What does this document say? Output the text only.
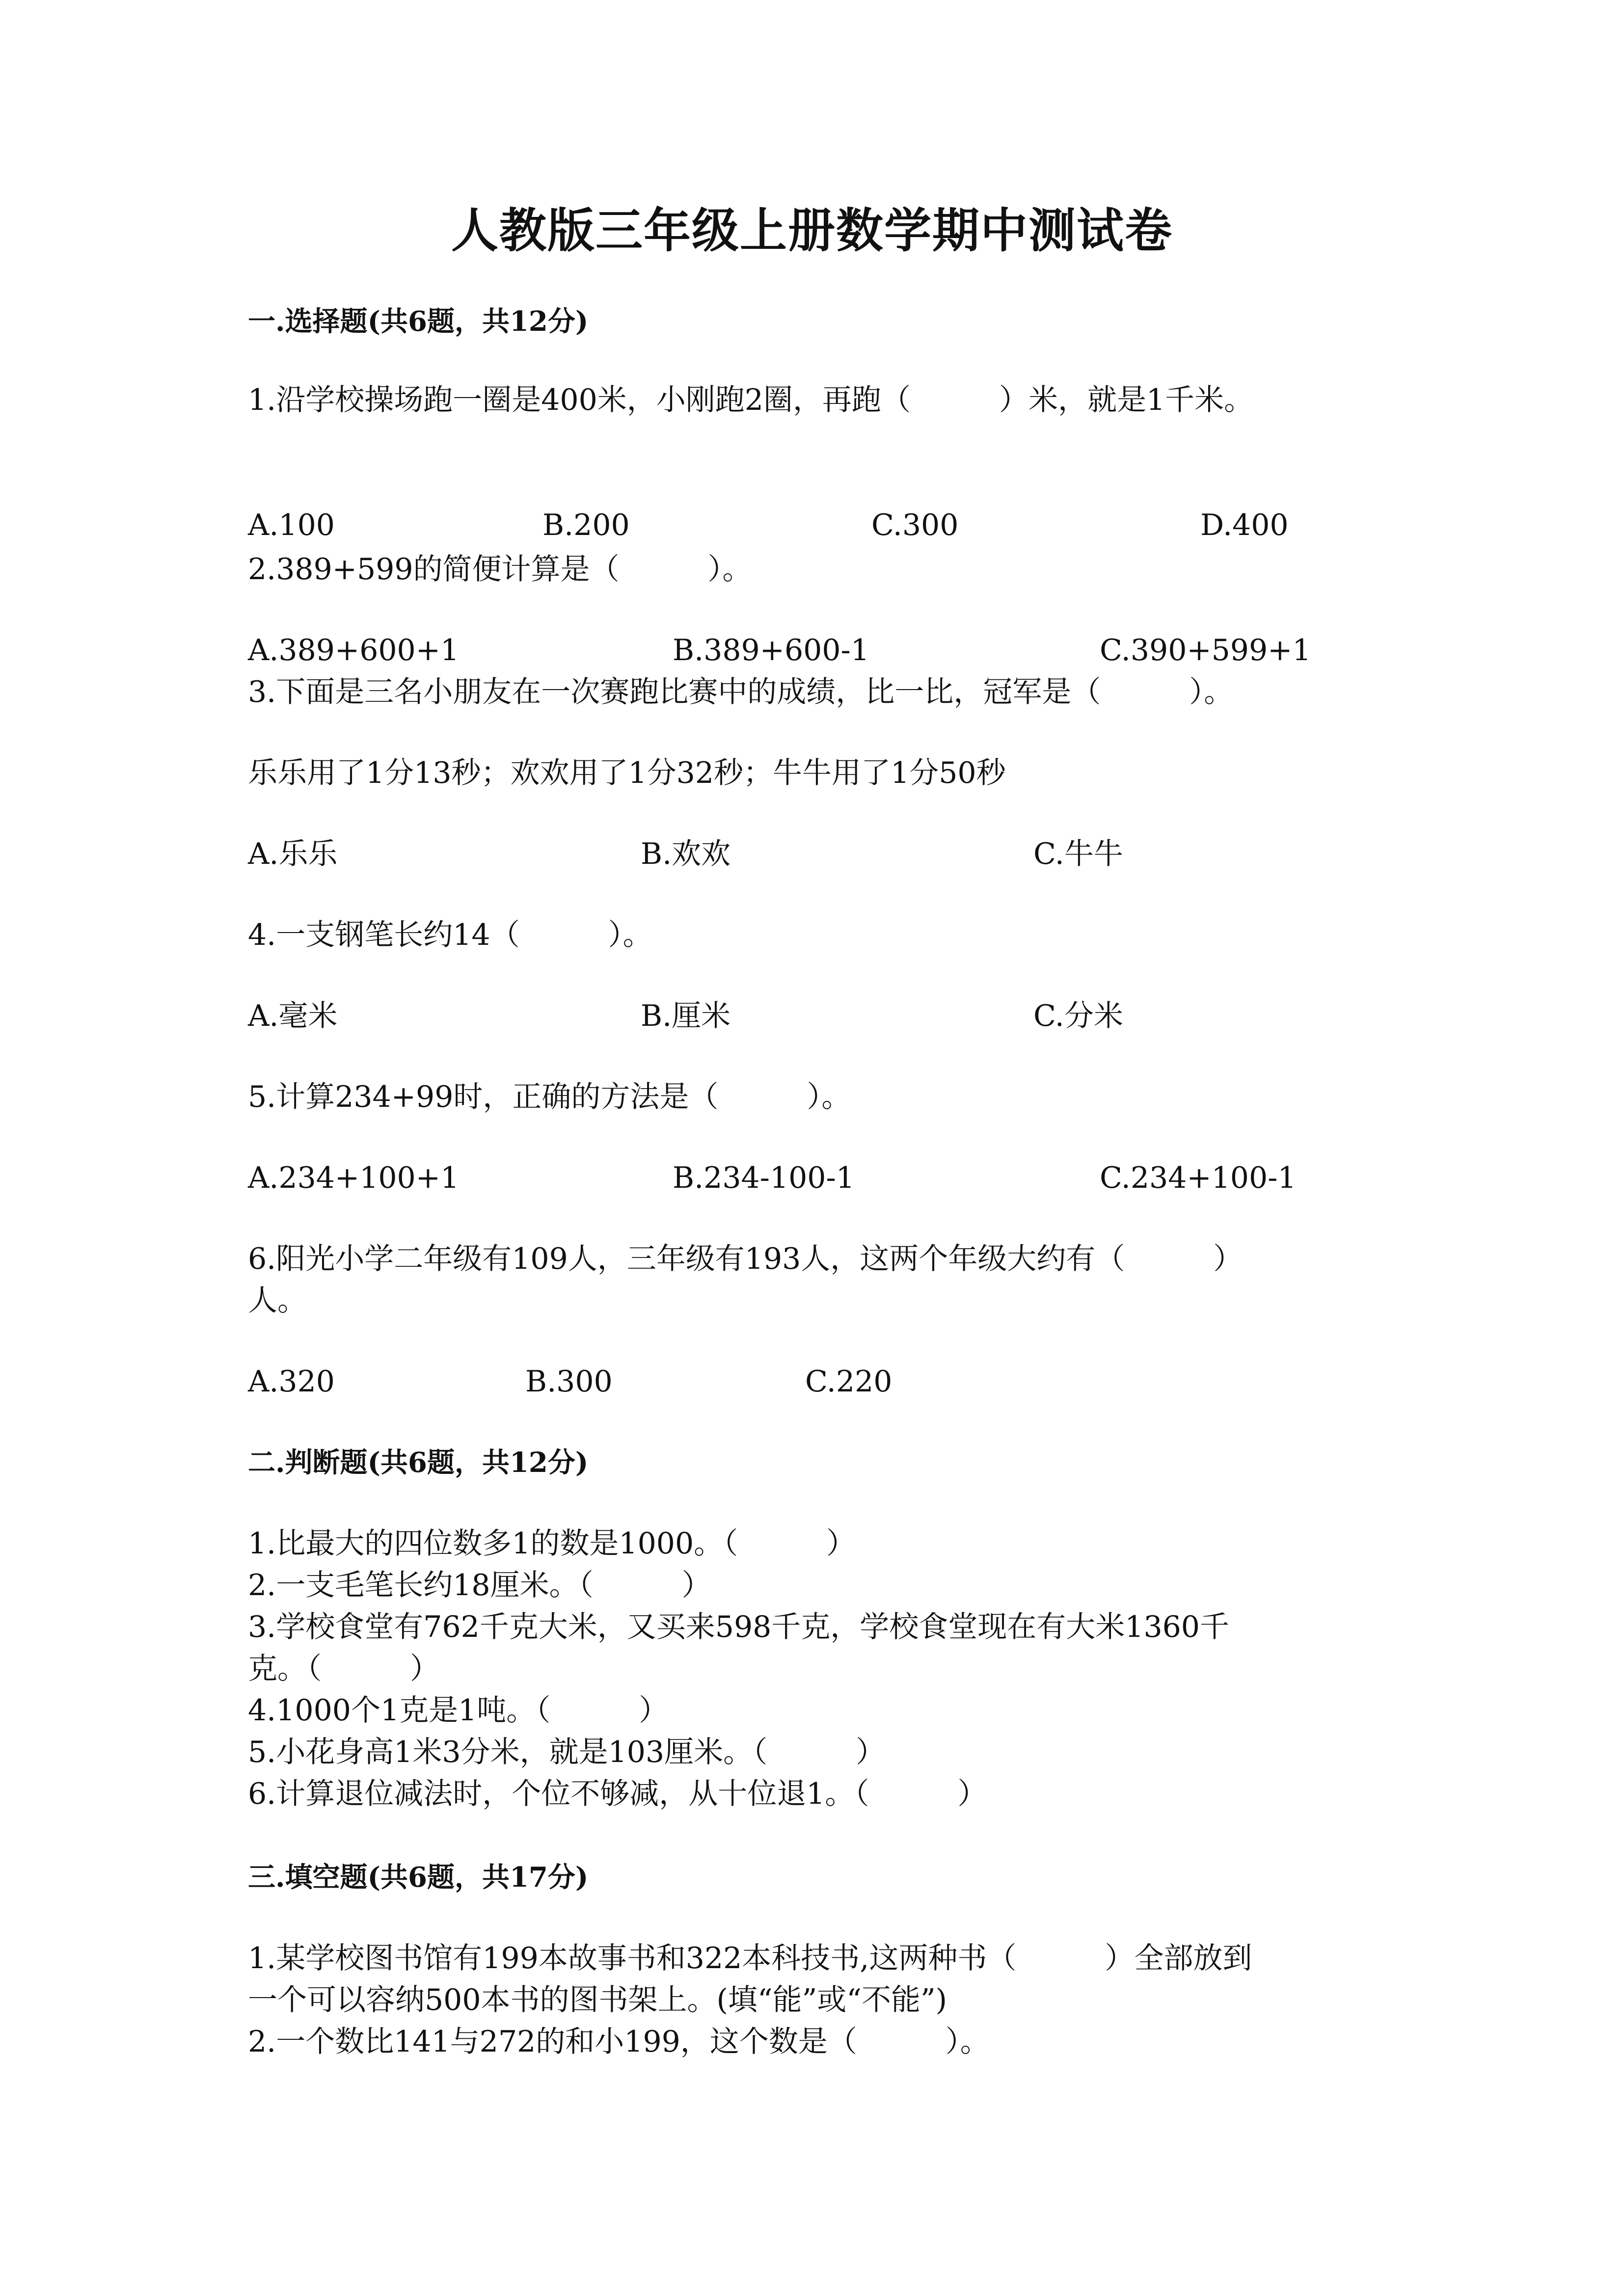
人教版三年级上册数学期中测试卷
一.选择题(共6题，共12分)
1.沿学校操场跑一圈是400米，小刚跑2圈，再跑（　　　）米，就是1千米。
A.100	B.200	C.300	D.400
2.389+599的简便计算是（　　　）。
A.389+600+1	B.389+600-1	C.390+599+1
3.下面是三名小朋友在一次赛跑比赛中的成绩，比一比，冠军是（　　　）。
乐乐用了1分13秒；欢欢用了1分32秒；牛牛用了1分50秒
A.乐乐	B.欢欢	C.牛牛
4.一支钢笔长约14（　　　）。
A.毫米	B.厘米	C.分米
5.计算234+99时，正确的方法是（　　　）。
A.234+100+1	B.234-100-1	C.234+100-1
6.阳光小学二年级有109人，三年级有193人，这两个年级大约有（　　　）
人。
A.320	B.300	C.220
二.判断题(共6题，共12分)
1.比最大的四位数多1的数是1000。（　　　）
2.一支毛笔长约18厘米。（　　　）
3.学校食堂有762千克大米，又买来598千克，学校食堂现在有大米1360千
克。（　　　）
4.1000个1克是1吨。（　　　）
5.小花身高1米3分米，就是103厘米。（　　　）
6.计算退位减法时，个位不够减，从十位退1。（　　　）
三.填空题(共6题，共17分)
1.某学校图书馆有199本故事书和322本科技书,这两种书（　　　）全部放到
一个可以容纳500本书的图书架上。(填“能”或“不能”)
2.一个数比141与272的和小199，这个数是（　　　）。
